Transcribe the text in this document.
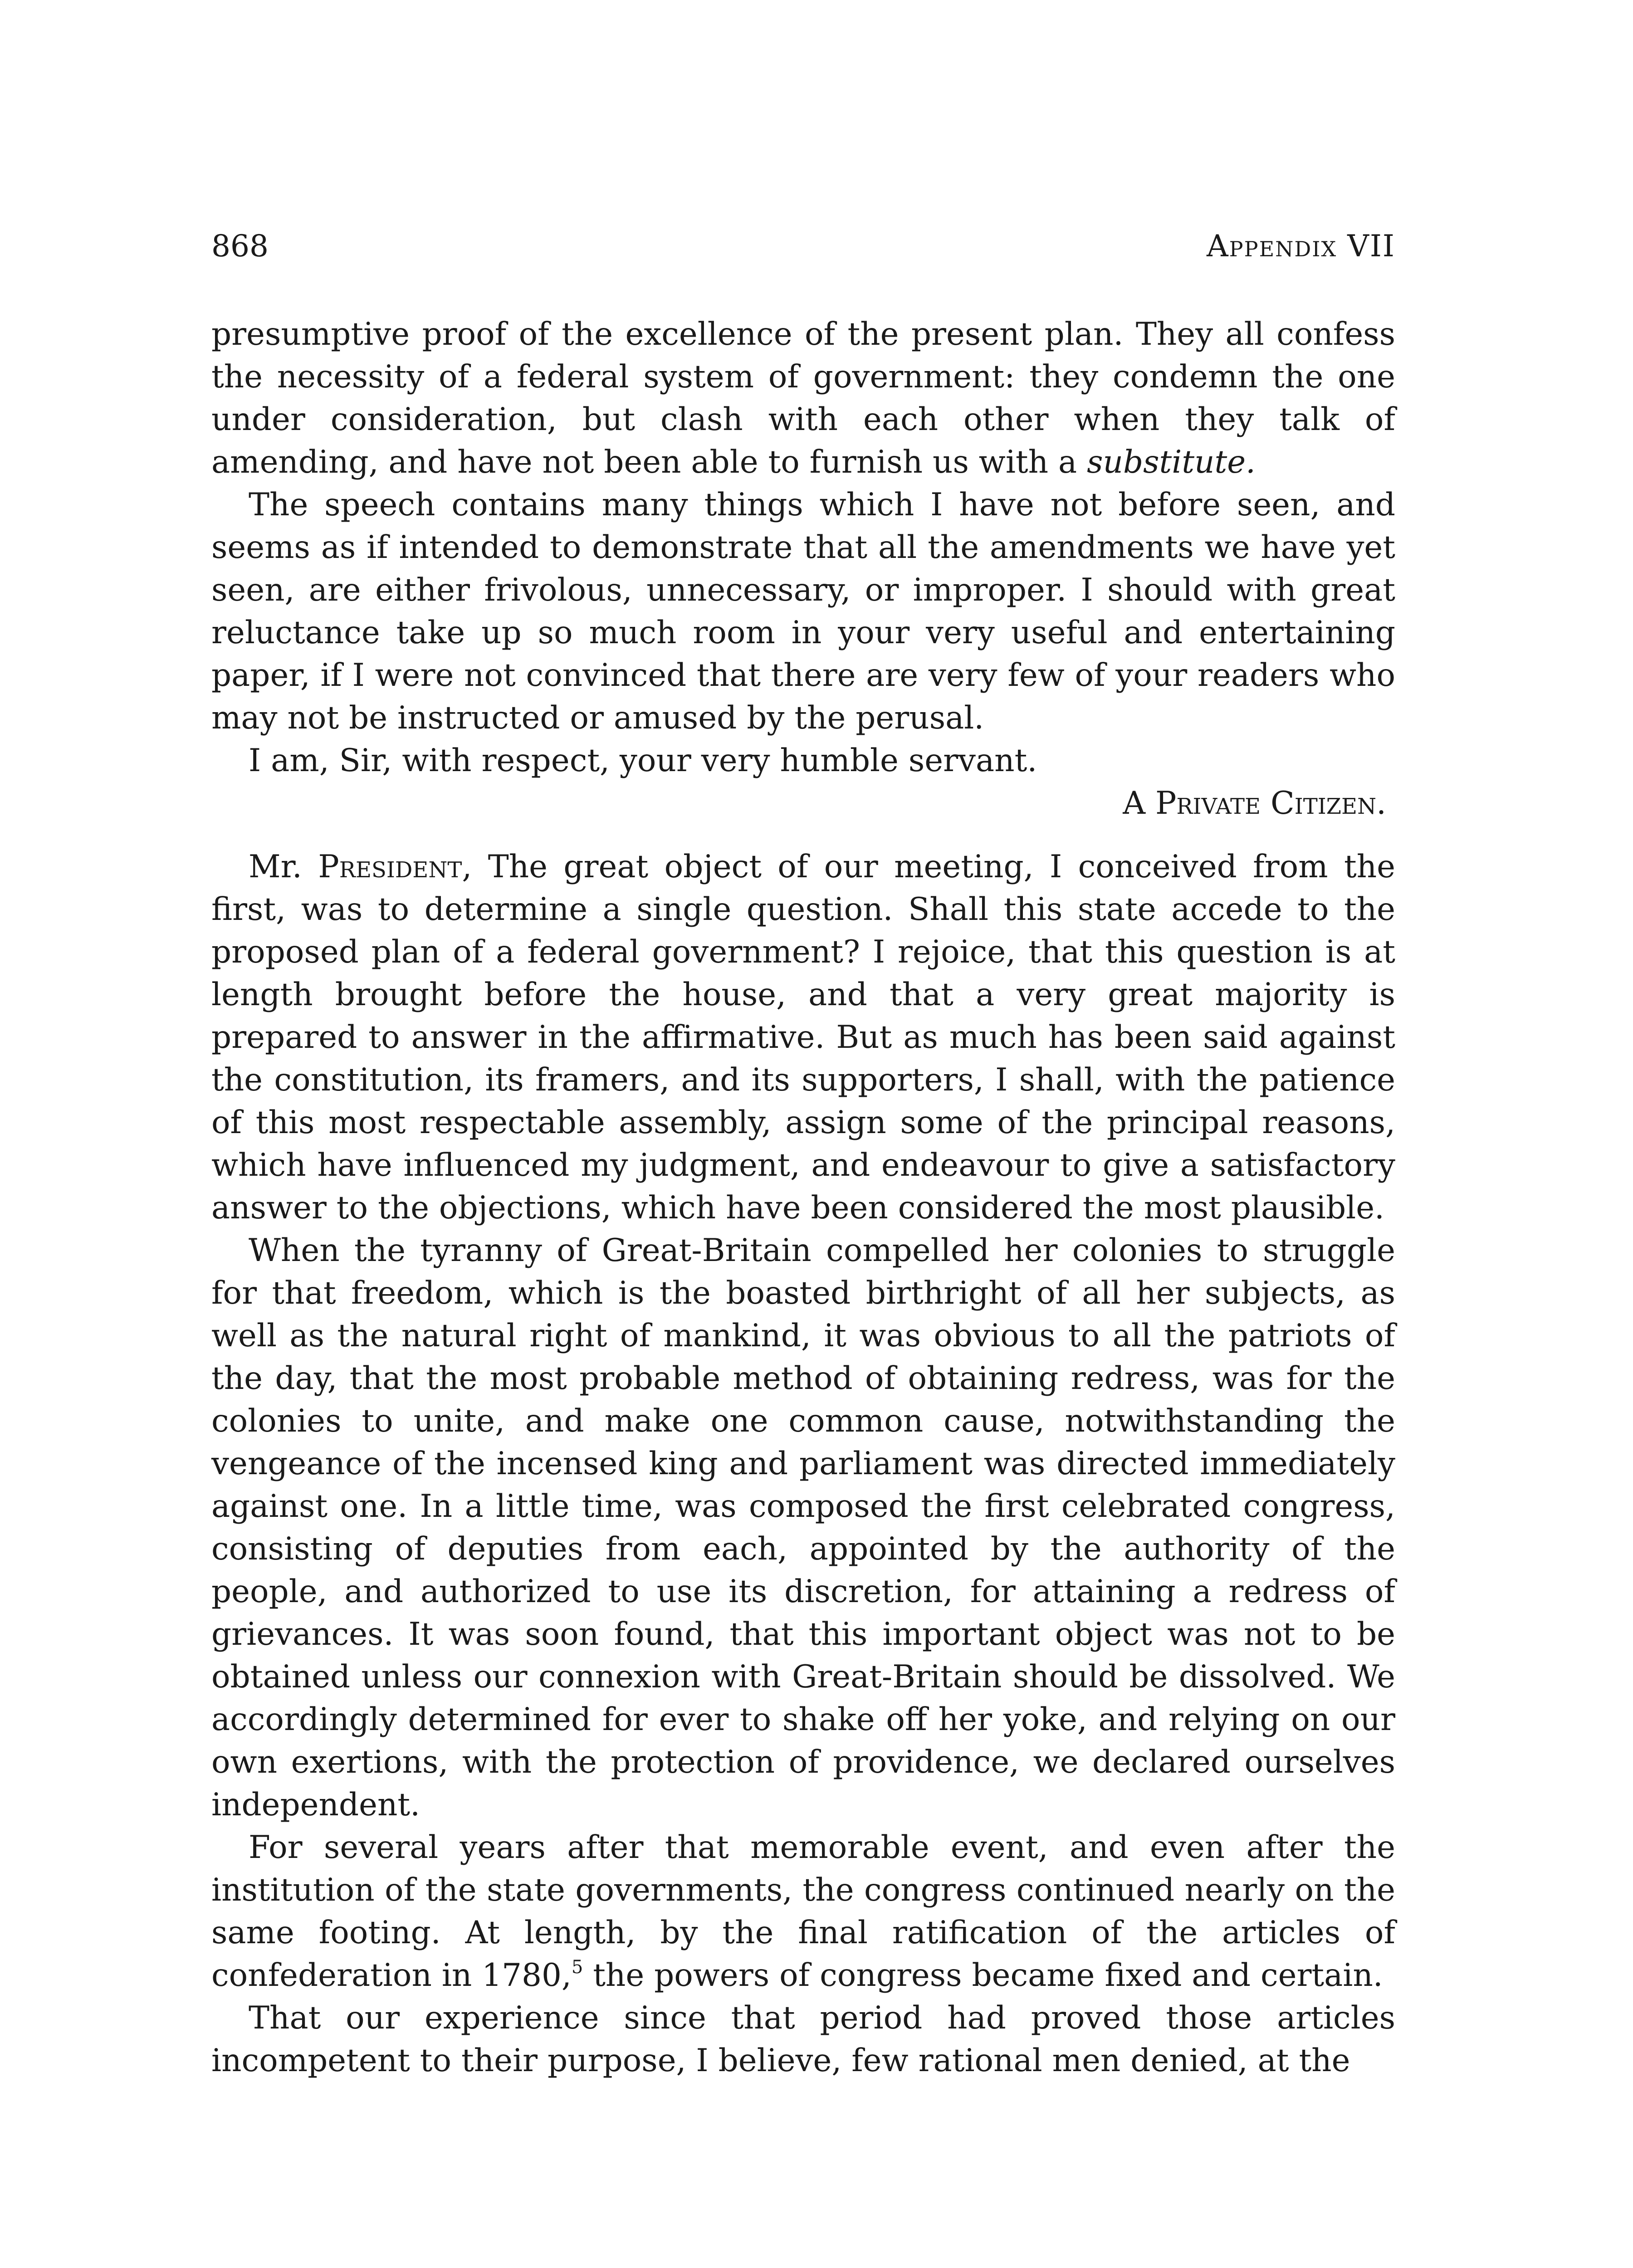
868	Appendix VII

presumptive proof of the excellence of the present plan. They all confess the necessity of a federal system of government: they condemn the one under consideration, but clash with each other when they talk of amending, and have not been able to furnish us with a substitute.

The speech contains many things which I have not before seen, and seems as if intended to demonstrate that all the amendments we have yet seen, are either frivolous, unnecessary, or improper. I should with great reluctance take up so much room in your very useful and entertaining paper, if I were not convinced that there are very few of your readers who may not be instructed or amused by the perusal.

I am, Sir, with respect, your very humble servant.

A Private Citizen.

Mr. President, The great object of our meeting, I conceived from the first, was to determine a single question. Shall this state accede to the proposed plan of a federal government? I rejoice, that this question is at length brought before the house, and that a very great majority is prepared to answer in the affirmative. But as much has been said against the constitution, its framers, and its supporters, I shall, with the patience of this most respectable assembly, assign some of the principal reasons, which have influenced my judgment, and endeavour to give a satisfactory answer to the objections, which have been considered the most plausible.

When the tyranny of Great-Britain compelled her colonies to struggle for that freedom, which is the boasted birthright of all her subjects, as well as the natural right of mankind, it was obvious to all the patriots of the day, that the most probable method of obtaining redress, was for the colonies to unite, and make one common cause, notwithstanding the vengeance of the incensed king and parliament was directed immediately against one. In a little time, was composed the first celebrated congress, consisting of deputies from each, appointed by the authority of the people, and authorized to use its discretion, for attaining a redress of grievances. It was soon found, that this important object was not to be obtained unless our connexion with Great-Britain should be dissolved. We accordingly determined for ever to shake off her yoke, and relying on our own exertions, with the protection of providence, we declared ourselves independent.

For several years after that memorable event, and even after the institution of the state governments, the congress continued nearly on the same footing. At length, by the final ratification of the articles of confederation in 1780,$^5$ the powers of congress became fixed and certain.

That our experience since that period had proved those articles incompetent to their purpose, I believe, few rational men denied, at the
